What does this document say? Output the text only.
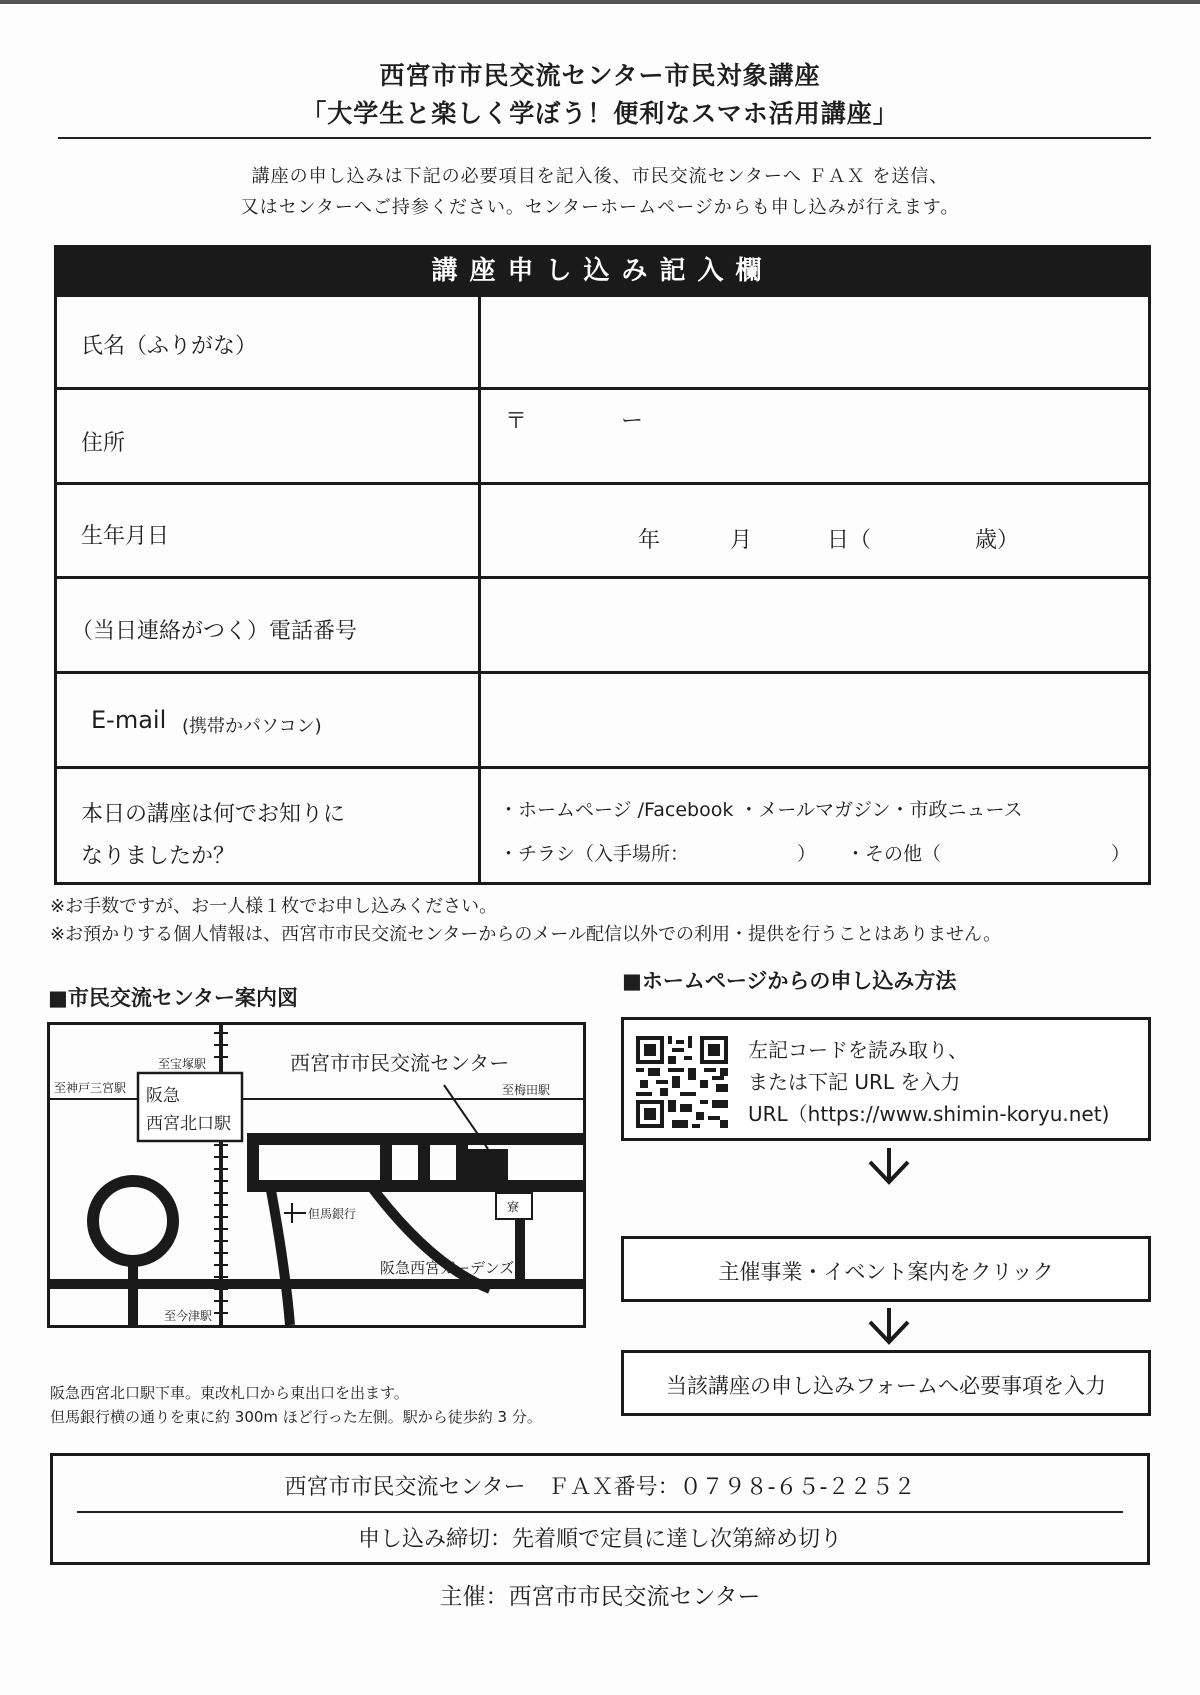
西宮市市民交流センター市民対象講座
「大学生と楽しく学ぼう！便利なスマホ活用講座」
講座の申し込みは下記の必要項目を記入後、市民交流センターへ ＦＡＸ を送信、
又はセンターへご持参ください。センターホームページからも申し込みが行えます。
講座申し込み記入欄
氏名（ふりがな）
住所
〒	ー
生年月日	年	月	日（	歳）
（当日連絡がつく）電話番号
E-mail (携帯かパソコン)
本日の講座は何でお知りに
なりましたか？
・ホームページ /Facebook ・メールマガジン・市政ニュース
・チラシ（入手場所：	） ・その他（	）
※お手数ですが、お一人様１枚でお申し込みください。
※お預かりする個人情報は、西宮市市民交流センターからのメール配信以外での利用・提供を行うことはありません。
■市民交流センター案内図
至宝塚駅
至神戸三宮駅	至梅田駅
阪急
西宮北口駅
西宮市市民交流センター
但馬銀行	寮
阪急西宮ガーデンズ
至今津駅
阪急西宮北口駅下車。東改札口から東出口を出ます。
但馬銀行横の通りを東に約 300m ほど行った左側。駅から徒歩約 3 分。
■ホームページからの申し込み方法
左記コードを読み取り、
または下記 URL を入力
URL（https://www.shimin-koryu.net)
主催事業・イベント案内をクリック
当該講座の申し込みフォームへ必要事項を入力
西宮市市民交流センター　ＦＡＸ番号：０７９８-６５-２２５２
申し込み締切：先着順で定員に達し次第締め切り
主催：西宮市市民交流センター
